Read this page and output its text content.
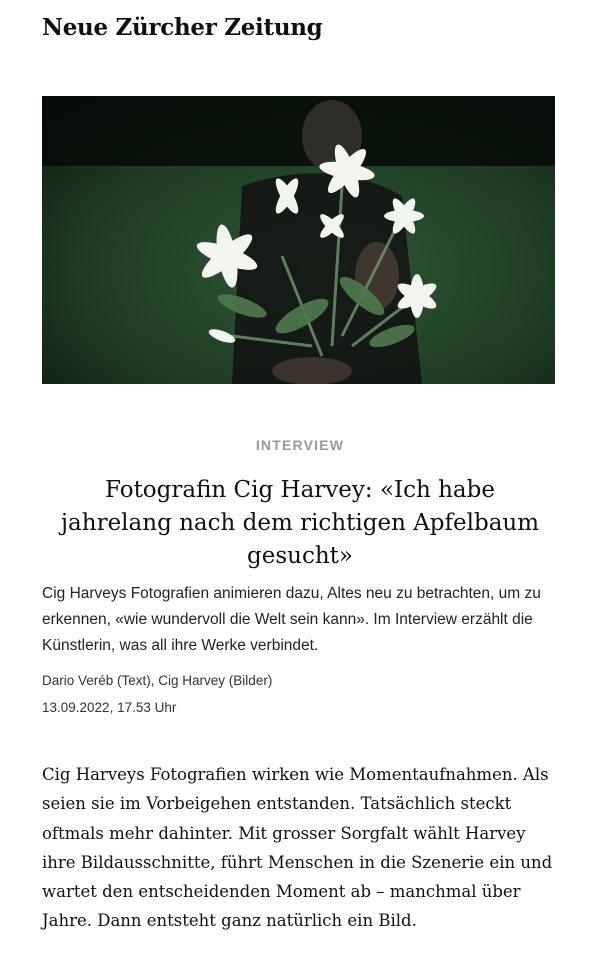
Neue Zürcher Zeitung
INTERVIEW
Fotografin Cig Harvey: «Ich habe jahrelang nach dem richtigen Apfelbaum gesucht»

Cig Harveys Fotografien animieren dazu, Altes neu zu betrachten, um zu erkennen, «wie wundervoll die Welt sein kann». Im Interview erzählt die Künstlerin, was all ihre Werke verbindet.

Dario Veréb (Text), Cig Harvey (Bilder)
13.09.2022, 17.53 Uhr

Cig Harveys Fotografien wirken wie Momentaufnahmen. Als seien sie im Vorbeigehen entstanden. Tatsächlich steckt oftmals mehr dahinter. Mit grosser Sorgfalt wählt Harvey ihre Bildausschnitte, führt Menschen in die Szenerie ein und wartet den entscheidenden Moment ab – manchmal über Jahre. Dann entsteht ganz natürlich ein Bild.
